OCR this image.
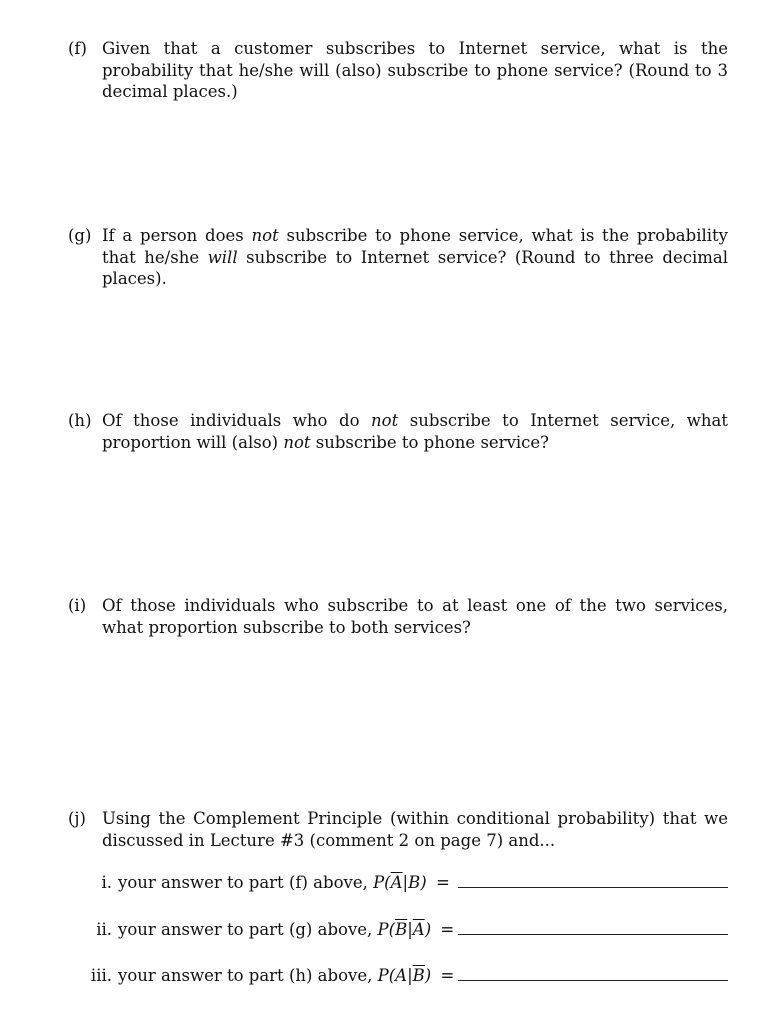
(f) Given that a customer subscribes to Internet service, what is the probability that he/she will (also) subscribe to phone service? (Round to 3 decimal places.)
(g) If a person does not subscribe to phone service, what is the probability that he/she will subscribe to Internet service? (Round to three decimal places).
(h) Of those individuals who do not subscribe to Internet service, what proportion will (also) not subscribe to phone service?
(i) Of those individuals who subscribe to at least one of the two services, what proportion subscribe to both services?
(j) Using the Complement Principle (within conditional probability) that we discussed in Lecture #3 (comment 2 on page 7) and...
i. your answer to part (f) above, $P(\overline{A}|B)$ =
ii. your answer to part (g) above, $P(\overline{B}|\overline{A})$ =
iii. your answer to part (h) above, $P(A|\overline{B})$ =
